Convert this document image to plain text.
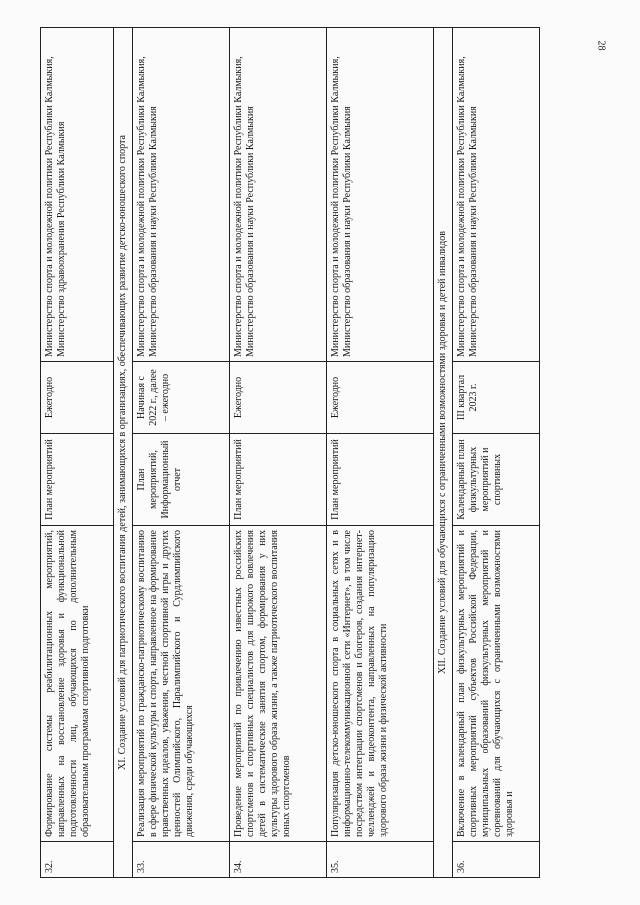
28
32.	Формирование системы реабилитационных мероприятий, направленных на восстановление здоровья и функциональной подготовленности лиц, обучающихся по дополнительным образовательным программам спортивной подготовки	План мероприятий	Ежегодно	Министерство спорта и молодежной политики Республики Калмыкия, Министерство здравоохранения Республики Калмыкия
XI. Создание условий для патриотического воспитания детей, занимающихся в организациях, обеспечивающих развитие детско-юношеского спорта				
33.	Реализация мероприятий по гражданско-патриотическому воспитанию в сфере физической культуры и спорта, направленное на формирование нравственных идеалов, уважения, честной спортивной игры и других ценностей Олимпийского, Паралимпийского и Сурдлимпийского движения, среди обучающихся	План мероприятий, Информационный отчет	Начиная с 2022 г., далее – ежегодно	Министерство спорта и молодежной политики Республики Калмыкия, Министерство образования и науки Республики Калмыкия
34.	Проведение мероприятий по привлечению известных российских спортсменов и спортивных специалистов для широкого вовлечения детей в систематические занятия спортом, формирования у них культуры здорового образа жизни, а также патриотического воспитания юных спортсменов	План мероприятий	Ежегодно	Министерство спорта и молодежной политики Республики Калмыкия, Министерство образования и науки Республики Калмыкия
35.	Популяризация детско-юношеского спорта в социальных сетях и в информационно-телекоммуникационной сети «Интернет», в том числе посредством интеграции спортсменов и блогеров, создания интернет-челленджей и видеоконтента, направленных на популяризацию здорового образа жизни и физической активности	План мероприятий	Ежегодно	Министерство спорта и молодежной политики Республики Калмыкия, Министерство образования и науки Республики Калмыкия
XII. Создание условий для обучающихся с ограниченными возможностями здоровья и детей инвалидов				
36.	Включение в календарный план физкультурных мероприятий и спортивных мероприятий субъектов Российской Федерации, муниципальных образований физкультурных мероприятий и соревнований для обучающихся с ограниченными возможностями здоровья и	Календарный план физкультурных мероприятий и спортивных	III квартал 2023 г.	Министерство спорта и молодежной политики Республики Калмыкия, Министерство образования и науки Республики Калмыкия
